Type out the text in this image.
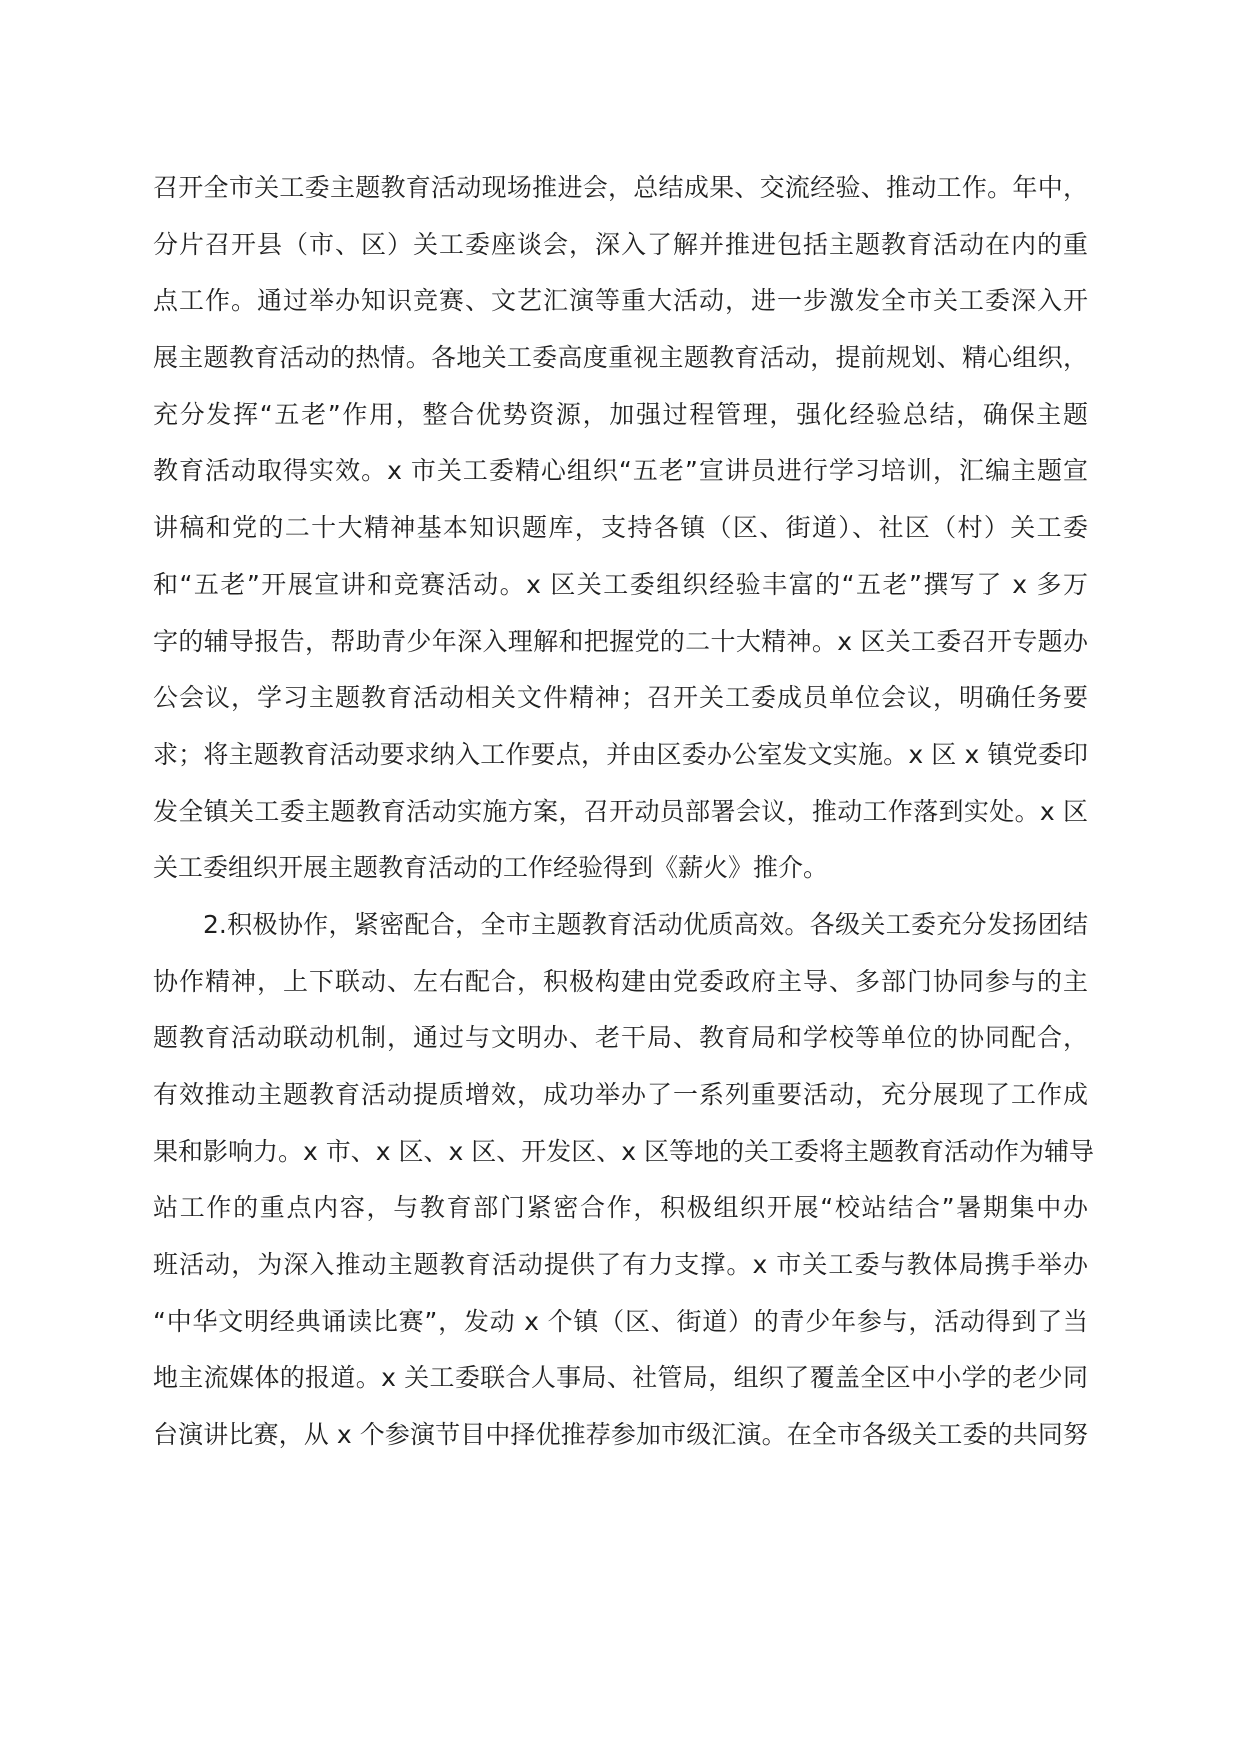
召开全市关工委主题教育活动现场推进会，总结成果、交流经验、推动工作。年中，
分片召开县（市、区）关工委座谈会，深入了解并推进包括主题教育活动在内的重
点工作。通过举办知识竞赛、文艺汇演等重大活动，进一步激发全市关工委深入开
展主题教育活动的热情。各地关工委高度重视主题教育活动，提前规划、精心组织，
充分发挥“五老”作用，整合优势资源，加强过程管理，强化经验总结，确保主题
教育活动取得实效。x 市关工委精心组织“五老”宣讲员进行学习培训，汇编主题宣
讲稿和党的二十大精神基本知识题库，支持各镇（区、街道）、社区（村）关工委
和“五老”开展宣讲和竞赛活动。x 区关工委组织经验丰富的“五老”撰写了 x 多万
字的辅导报告，帮助青少年深入理解和把握党的二十大精神。x 区关工委召开专题办
公会议，学习主题教育活动相关文件精神；召开关工委成员单位会议，明确任务要
求；将主题教育活动要求纳入工作要点，并由区委办公室发文实施。x 区 x 镇党委印
发全镇关工委主题教育活动实施方案，召开动员部署会议，推动工作落到实处。x 区
关工委组织开展主题教育活动的工作经验得到《薪火》推介。
2.积极协作，紧密配合，全市主题教育活动优质高效。各级关工委充分发扬团结
协作精神，上下联动、左右配合，积极构建由党委政府主导、多部门协同参与的主
题教育活动联动机制，通过与文明办、老干局、教育局和学校等单位的协同配合，
有效推动主题教育活动提质增效，成功举办了一系列重要活动，充分展现了工作成
果和影响力。x 市、x 区、x 区、开发区、x 区等地的关工委将主题教育活动作为辅导
站工作的重点内容，与教育部门紧密合作，积极组织开展“校站结合”暑期集中办
班活动，为深入推动主题教育活动提供了有力支撑。x 市关工委与教体局携手举办
“中华文明经典诵读比赛”，发动 x 个镇（区、街道）的青少年参与，活动得到了当
地主流媒体的报道。x 关工委联合人事局、社管局，组织了覆盖全区中小学的老少同
台演讲比赛，从 x 个参演节目中择优推荐参加市级汇演。在全市各级关工委的共同努
